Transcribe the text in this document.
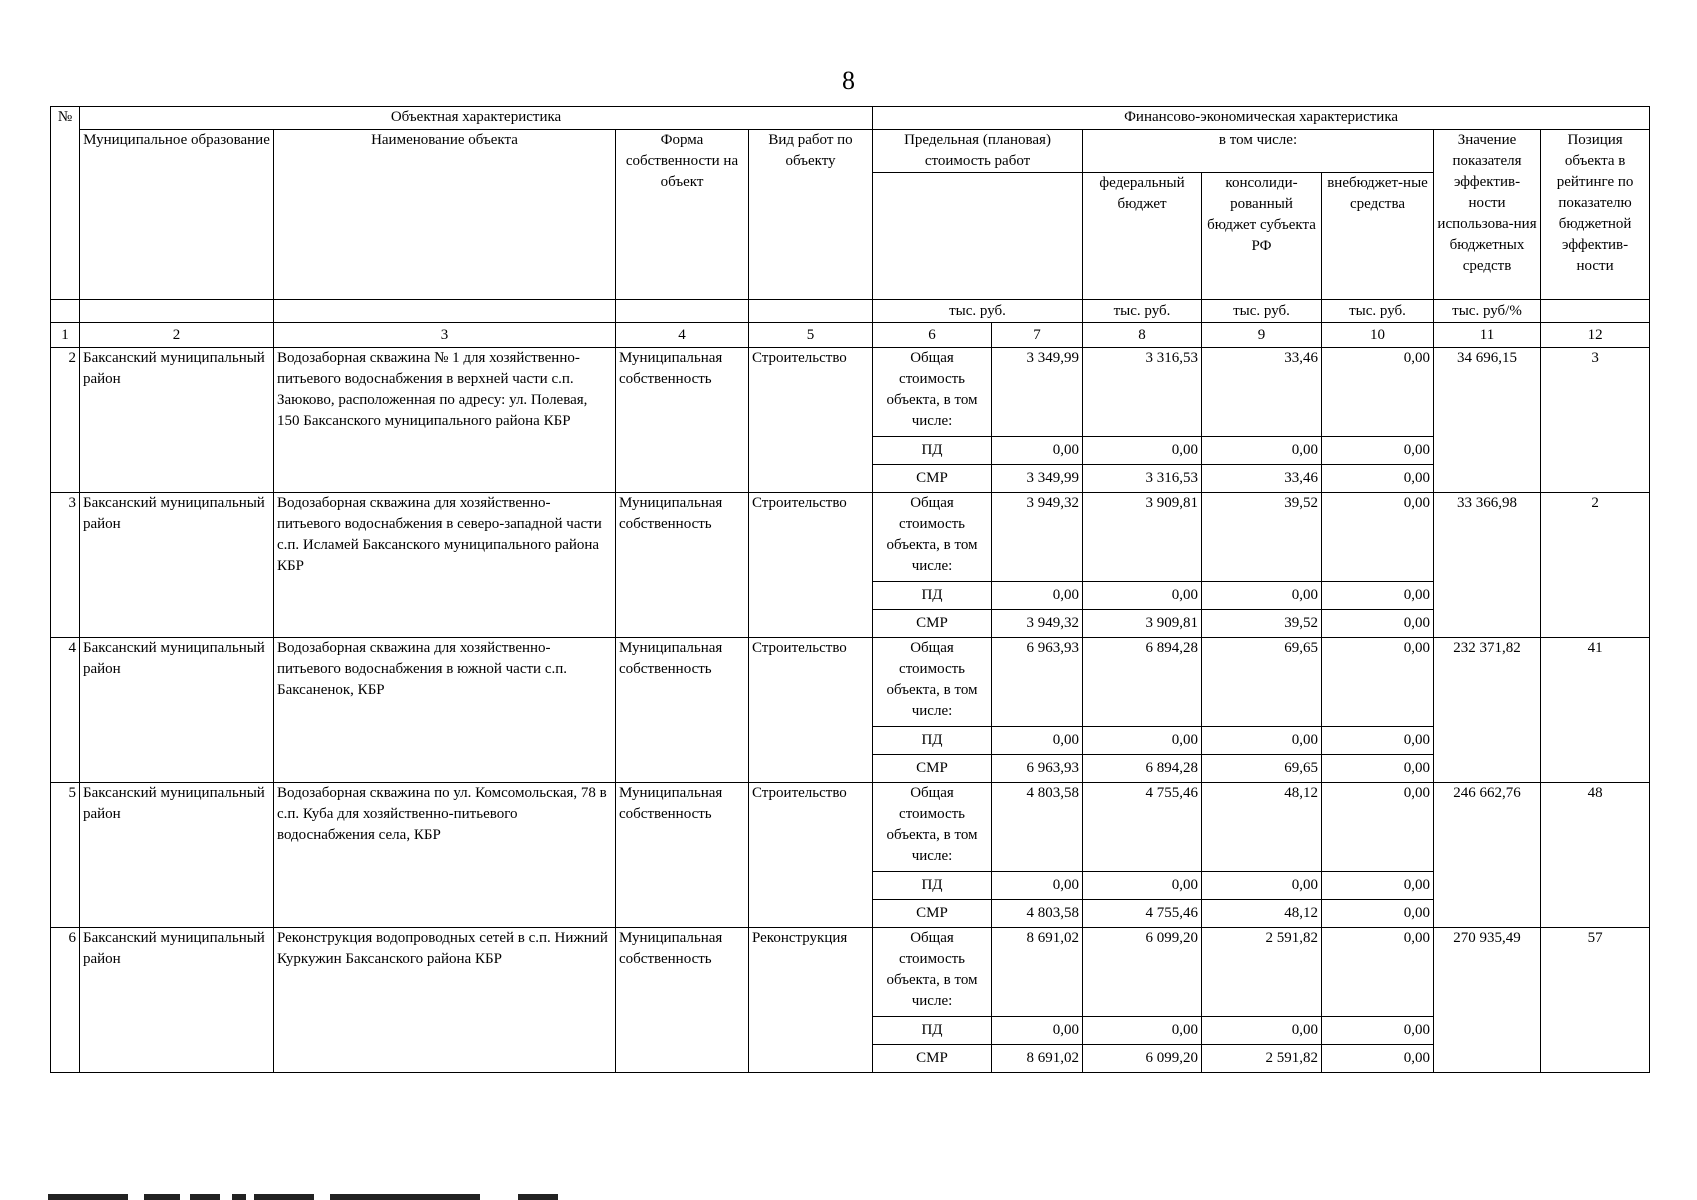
8
№	Объектная характеристика				Финансово-экономическая характеристика						
	Муниципальное образование	Наименование объекта	Форма собственности на объект	Вид работ по объекту	Предельная (плановая) стоимость работ		в том числе:			Значение показателя эффектив-ности использова-ния бюджетных средств	Позиция объекта в рейтинге по показателю бюджетной эффектив-ности
							федеральный бюджет	консолиди-рованный бюджет субъекта РФ	внебюджет-ные средства		
					тыс. руб.		тыс. руб.	тыс. руб.	тыс. руб.	тыс. руб/%	
1	2	3	4	5	6	7	8	9	10	11	12
2	Баксанский муниципальный район	Водозаборная скважина № 1 для хозяйственно-питьевого водоснабжения в верхней части с.п. Заюково, расположенная по адресу: ул. Полевая, 150 Баксанского муниципального района КБР	Муниципальная собственность	Строительство	Общая стоимость объекта, в том числе:	3 349,99	3 316,53	33,46	0,00	34 696,15	3
					ПД	0,00	0,00	0,00	0,00		
					СМР	3 349,99	3 316,53	33,46	0,00		
3	Баксанский муниципальный район	Водозаборная скважина для хозяйственно-питьевого водоснабжения в северо-западной части с.п. Исламей Баксанского муниципального района КБР	Муниципальная собственность	Строительство	Общая стоимость объекта, в том числе:	3 949,32	3 909,81	39,52	0,00	33 366,98	2
					ПД	0,00	0,00	0,00	0,00		
					СМР	3 949,32	3 909,81	39,52	0,00		
4	Баксанский муниципальный район	Водозаборная скважина для хозяйственно-питьевого водоснабжения в южной части с.п. Баксаненок, КБР	Муниципальная собственность	Строительство	Общая стоимость объекта, в том числе:	6 963,93	6 894,28	69,65	0,00	232 371,82	41
					ПД	0,00	0,00	0,00	0,00		
					СМР	6 963,93	6 894,28	69,65	0,00		
5	Баксанский муниципальный район	Водозаборная скважина по ул. Комсомольская, 78 в с.п. Куба для хозяйственно-питьевого водоснабжения села, КБР	Муниципальная собственность	Строительство	Общая стоимость объекта, в том числе:	4 803,58	4 755,46	48,12	0,00	246 662,76	48
					ПД	0,00	0,00	0,00	0,00		
					СМР	4 803,58	4 755,46	48,12	0,00		
6	Баксанский муниципальный район	Реконструкция водопроводных сетей в с.п. Нижний Куркужин Баксанского района КБР	Муниципальная собственность	Реконструкция	Общая стоимость объекта, в том числе:	8 691,02	6 099,20	2 591,82	0,00	270 935,49	57
					ПД	0,00	0,00	0,00	0,00		
					СМР	8 691,02	6 099,20	2 591,82	0,00		
